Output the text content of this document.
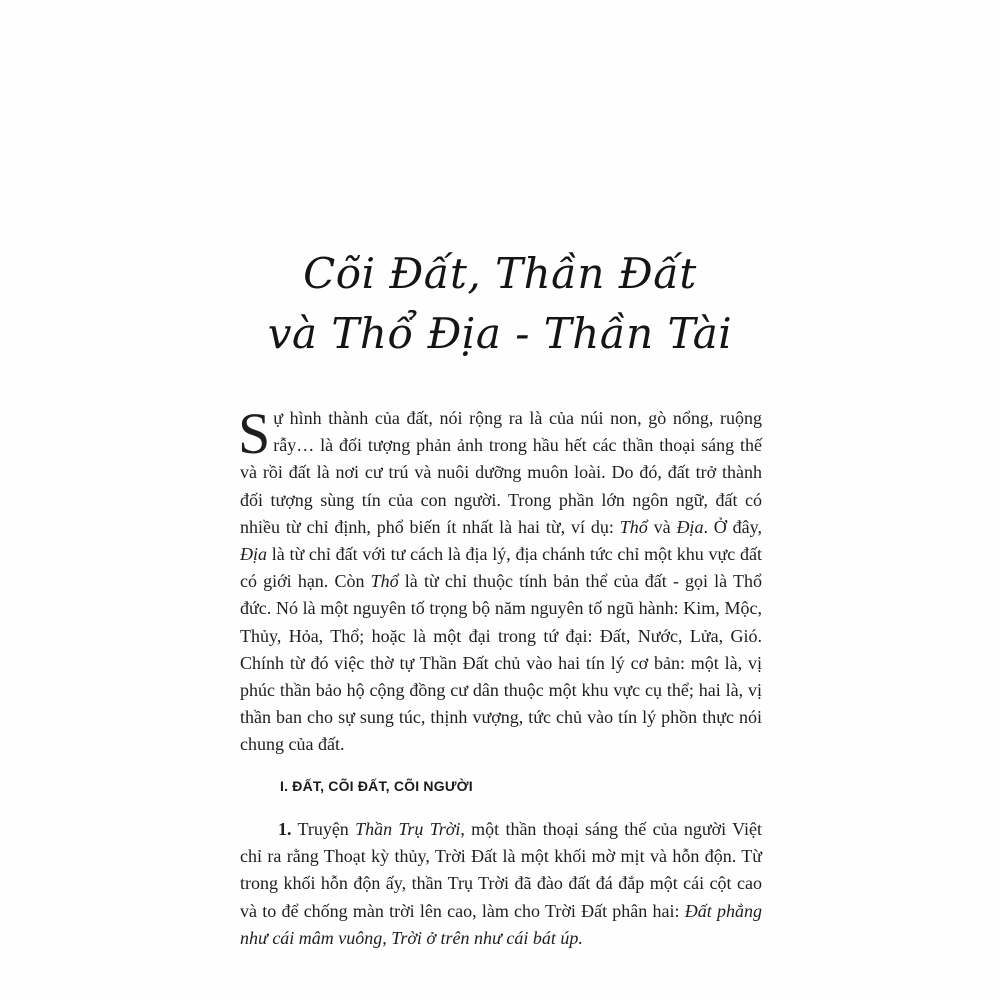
Cõi Đất, Thần Đất
và Thổ Địa - Thần Tài

Sự hình thành của đất, nói rộng ra là của núi non, gò nổng, ruộng rẫy… là đối tượng phản ảnh trong hầu hết các thần thoại sáng thế và rồi đất là nơi cư trú và nuôi dưỡng muôn loài. Do đó, đất trở thành đối tượng sùng tín của con người. Trong phần lớn ngôn ngữ, đất có nhiều từ chỉ định, phổ biến ít nhất là hai từ, ví dụ: Thổ và Địa. Ở đây, Địa là từ chỉ đất với tư cách là địa lý, địa chánh tức chỉ một khu vực đất có giới hạn. Còn Thổ là từ chỉ thuộc tính bản thể của đất - gọi là Thổ đức. Nó là một nguyên tố trọng bộ năm nguyên tố ngũ hành: Kim, Mộc, Thủy, Hỏa, Thổ; hoặc là một đại trong tứ đại: Đất, Nước, Lửa, Gió. Chính từ đó việc thờ tự Thần Đất chủ vào hai tín lý cơ bản: một là, vị phúc thần bảo hộ cộng đồng cư dân thuộc một khu vực cụ thể; hai là, vị thần ban cho sự sung túc, thịnh vượng, tức chủ vào tín lý phồn thực nói chung của đất.

I. ĐẤT, CÕI ĐẤT, CÕI NGƯỜI

1. Truyện Thần Trụ Trời, một thần thoại sáng thế của người Việt chỉ ra rằng Thoạt kỳ thủy, Trời Đất là một khối mờ mịt và hỗn độn. Từ trong khối hỗn độn ấy, thần Trụ Trời đã đào đất đá đắp một cái cột cao và to để chống màn trời lên cao, làm cho Trời Đất phân hai: Đất phẳng như cái mâm vuông, Trời ở trên như cái bát úp.
